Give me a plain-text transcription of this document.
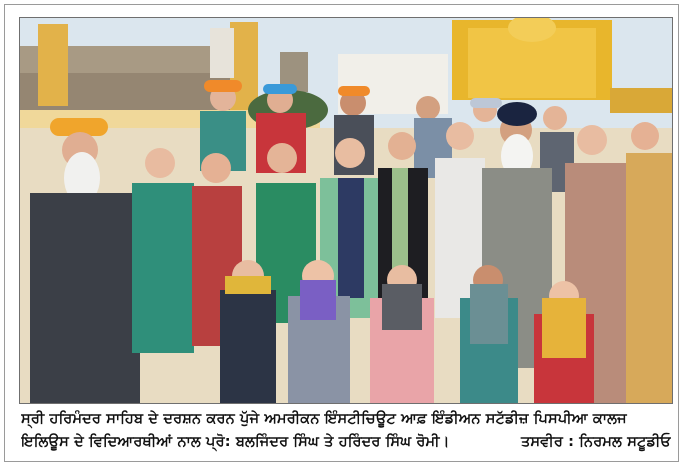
ਸ੍ਰੀ ਹਰਿਮੰਦਰ ਸਾਹਿਬ ਦੇ ਦਰਸ਼ਨ ਕਰਨ ਪੁੱਜੇ ਅਮਰੀਕਨ ਇੰਸਟੀਚਿਊਟ ਆਫ਼ ਇੰਡੀਅਨ ਸਟੱਡੀਜ਼ ਪਿਸਪੀਆ ਕਾਲਜ
ਇਲਿਊਸ ਦੇ ਵਿਦਿਆਰਥੀਆਂ ਨਾਲ ਪ੍ਰੋ: ਬਲਜਿੰਦਰ ਸਿੰਘ ਤੇ ਹਰਿੰਦਰ ਸਿੰਘ ਰੋਮੀ।	ਤਸਵੀਰ : ਨਿਰਮਲ ਸਟੂਡੀਓ
